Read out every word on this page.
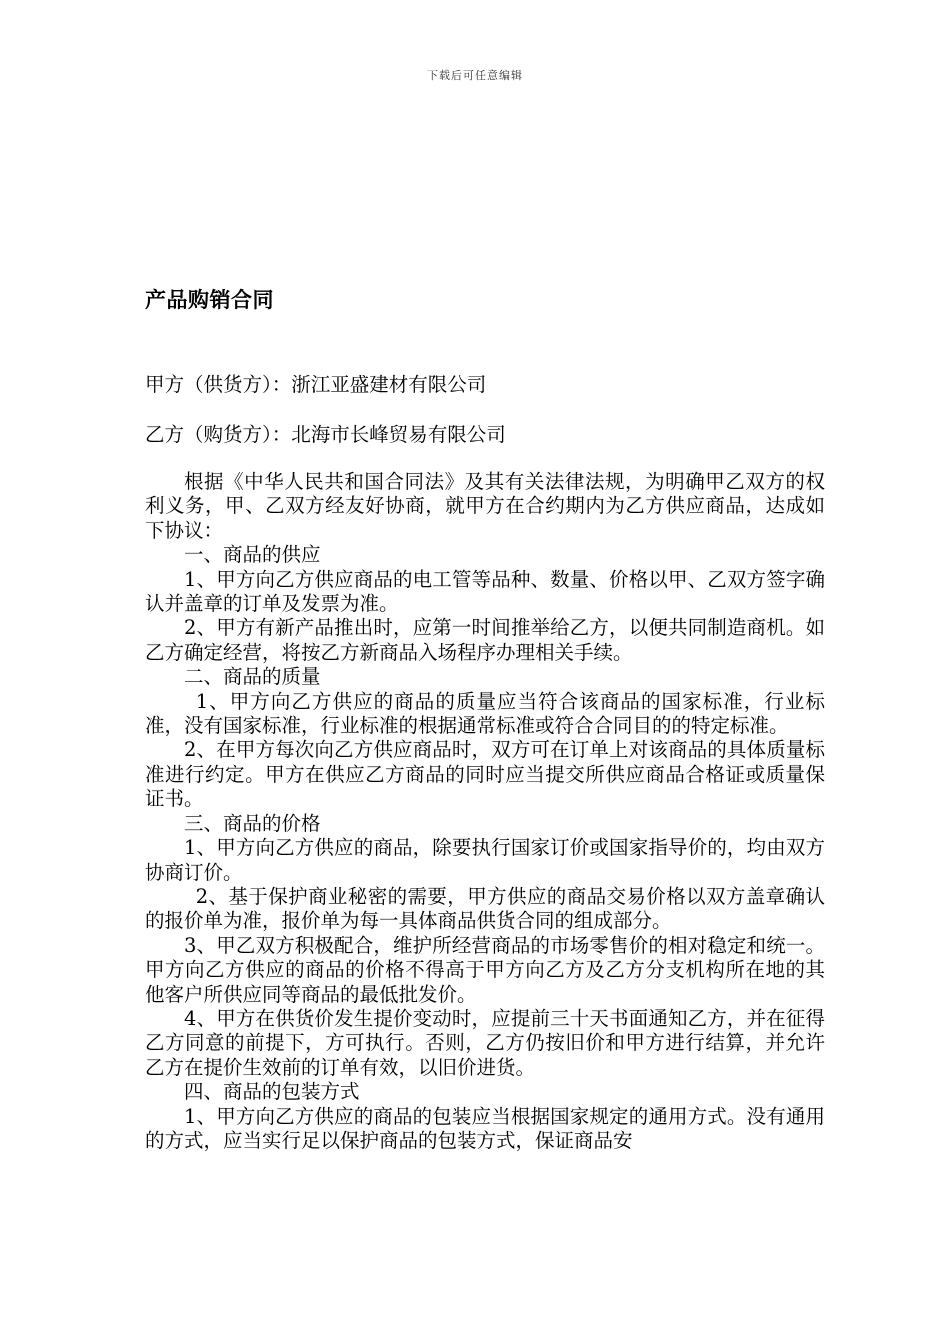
下载后可任意编辑
产品购销合同
甲方（供货方）：浙江亚盛建材有限公司
乙方（购货方）：北海市长峰贸易有限公司

根据《中华人民共和国合同法》及其有关法律法规，为明确甲乙双方的权利义务，甲、乙双方经友好协商，就甲方在合约期内为乙方供应商品，达成如下协议：

一、商品的供应

1、甲方向乙方供应商品的电工管等品种、数量、价格以甲、乙双方签字确认并盖章的订单及发票为准。

2、甲方有新产品推出时，应第一时间推举给乙方，以便共同制造商机。如乙方确定经营，将按乙方新商品入场程序办理相关手续。

二、商品的质量

1、甲方向乙方供应的商品的质量应当符合该商品的国家标准，行业标准，没有国家标准，行业标准的根据通常标准或符合合同目的的特定标准。

2、在甲方每次向乙方供应商品时，双方可在订单上对该商品的具体质量标准进行约定。甲方在供应乙方商品的同时应当提交所供应商品合格证或质量保证书。

三、商品的价格

1、甲方向乙方供应的商品，除要执行国家订价或国家指导价的，均由双方协商订价。

2、基于保护商业秘密的需要，甲方供应的商品交易价格以双方盖章确认的报价单为准，报价单为每一具体商品供货合同的组成部分。

3、甲乙双方积极配合，维护所经营商品的市场零售价的相对稳定和统一。甲方向乙方供应的商品的价格不得高于甲方向乙方及乙方分支机构所在地的其他客户所供应同等商品的最低批发价。

4、甲方在供货价发生提价变动时，应提前三十天书面通知乙方，并在征得乙方同意的前提下，方可执行。否则，乙方仍按旧价和甲方进行结算，并允许乙方在提价生效前的订单有效，以旧价进货。

四、商品的包装方式

1、甲方向乙方供应的商品的包装应当根据国家规定的通用方式。没有通用的方式，应当实行足以保护商品的包装方式，保证商品安
